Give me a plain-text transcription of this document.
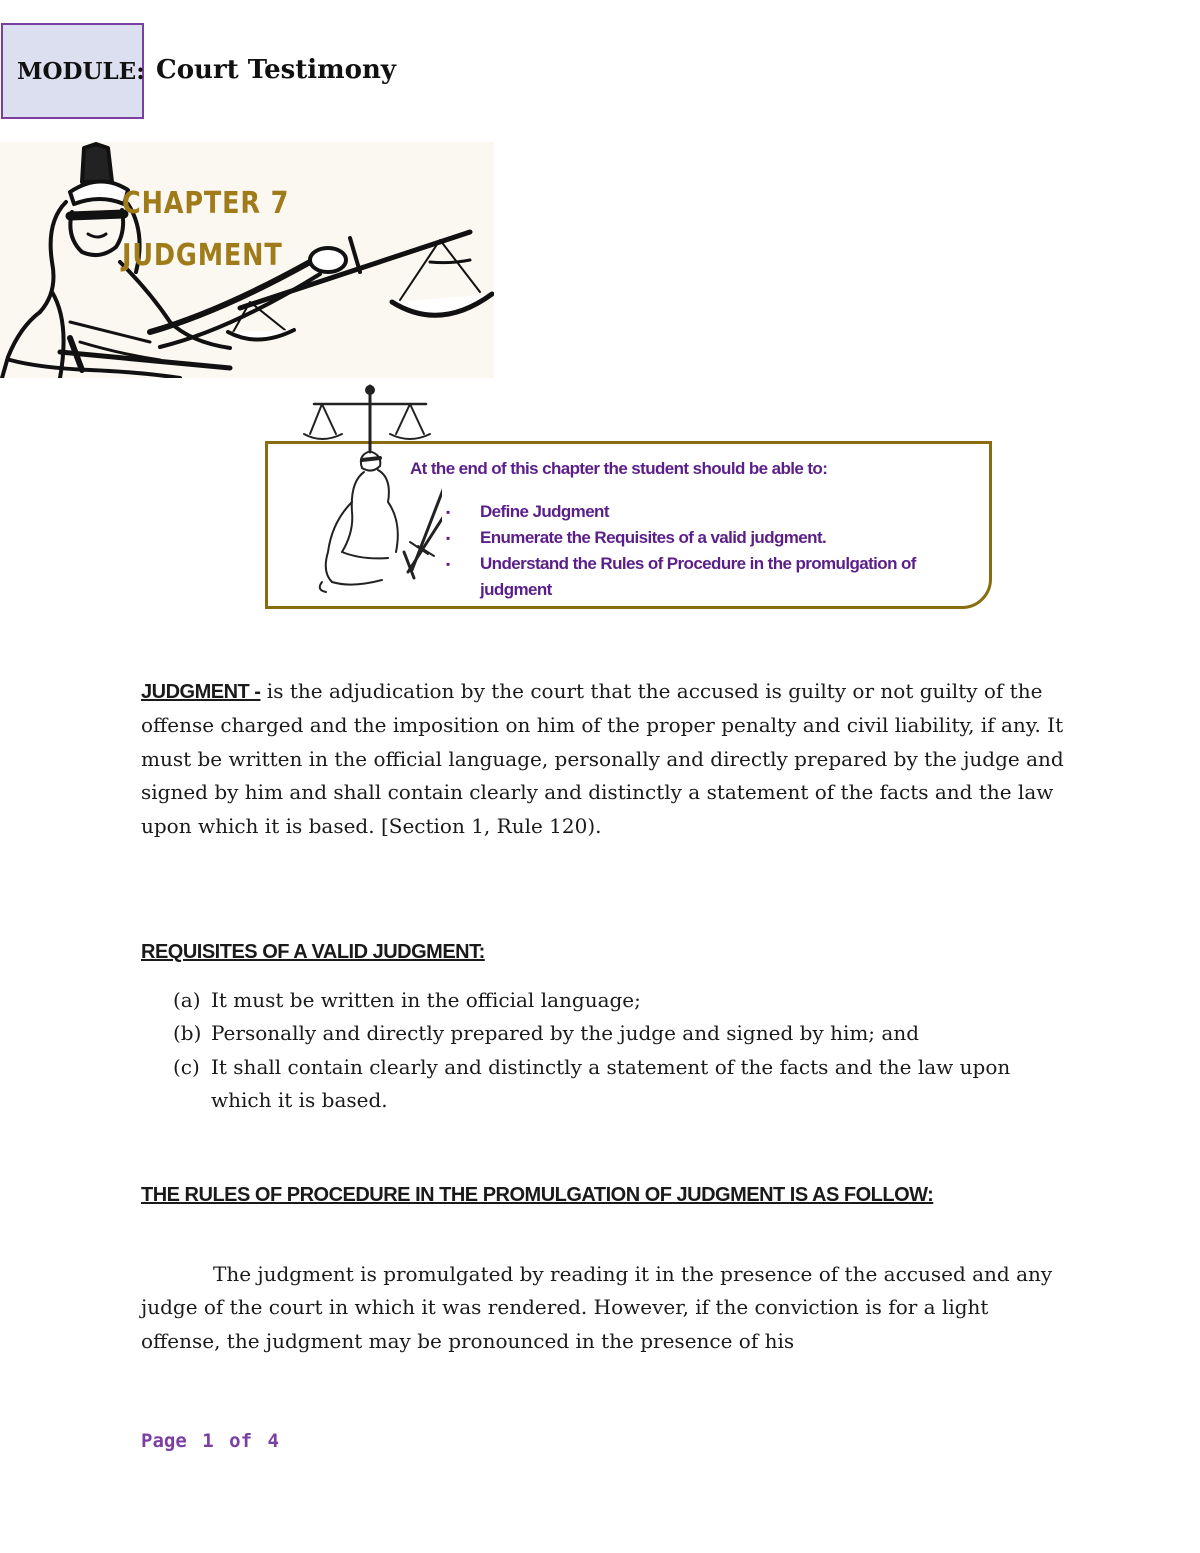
MODULE: Court Testimony
CHAPTER 7
JUDGMENT
At the end of this chapter the student should be able to:
▪ Define Judgment
▪ Enumerate the Requisites of a valid judgment.
▪ Understand the Rules of Procedure in the promulgation of judgment

JUDGMENT - is the adjudication by the court that the accused is guilty or not guilty of the offense charged and the imposition on him of the proper penalty and civil liability, if any. It must be written in the official language, personally and directly prepared by the judge and signed by him and shall contain clearly and distinctly a statement of the facts and the law upon which it is based. [Section 1, Rule 120).

REQUISITES OF A VALID JUDGMENT:

(a) It must be written in the official language;
(b) Personally and directly prepared by the judge and signed by him; and
(c) It shall contain clearly and distinctly a statement of the facts and the law upon which it is based.

THE RULES OF PROCEDURE IN THE PROMULGATION OF JUDGMENT IS AS FOLLOW:

The judgment is promulgated by reading it in the presence of the accused and any judge of the court in which it was rendered. However, if the conviction is for a light offense, the judgment may be pronounced in the presence of his

Page 1 of 4
